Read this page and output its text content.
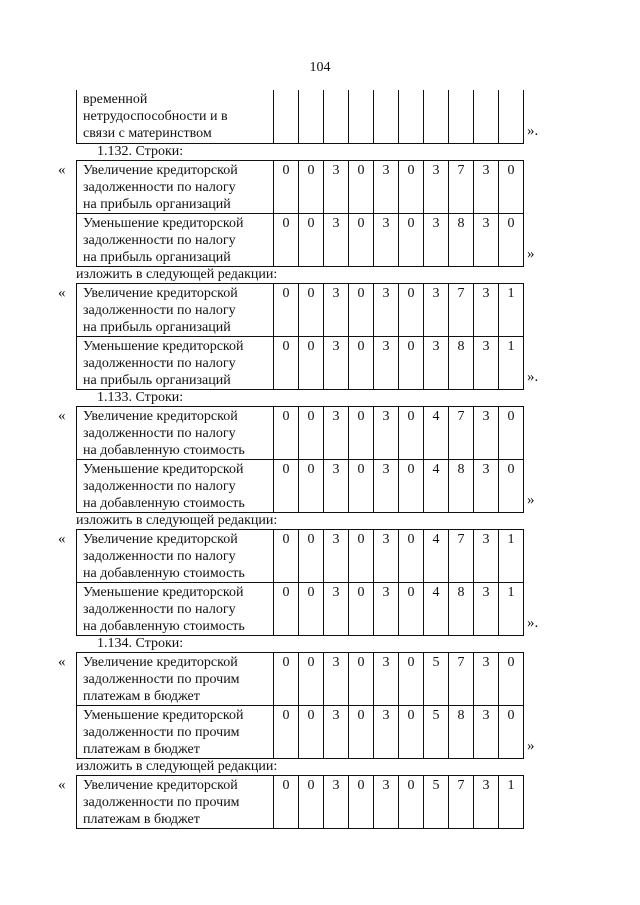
104
временной
нетрудоспособности и в
связи с материнством
											».
1.132. Строки:
« Увеличение кредиторской
задолженности по налогу
на прибыль организаций	0	0	3	0	3	0	3	7	3	0

Уменьшение кредиторской
задолженности по налогу
на прибыль организаций	0	0	3	0	3	0	3	8	3	0
»
изложить в следующей редакции:
« Увеличение кредиторской
задолженности по налогу
на прибыль организаций	0	0	3	0	3	0	3	7	3	1

Уменьшение кредиторской
задолженности по налогу
на прибыль организаций	0	0	3	0	3	0	3	8	3	1
».
1.133. Строки:
« Увеличение кредиторской
задолженности по налогу
на добавленную стоимость	0	0	3	0	3	0	4	7	3	0

Уменьшение кредиторской
задолженности по налогу
на добавленную стоимость	0	0	3	0	3	0	4	8	3	0
»
изложить в следующей редакции:
« Увеличение кредиторской
задолженности по налогу
на добавленную стоимость	0	0	3	0	3	0	4	7	3	1

Уменьшение кредиторской
задолженности по налогу
на добавленную стоимость	0	0	3	0	3	0	4	8	3	1
».
1.134. Строки:
« Увеличение кредиторской
задолженности по прочим
платежам в бюджет	0	0	3	0	3	0	5	7	3	0

Уменьшение кредиторской
задолженности по прочим
платежам в бюджет	0	0	3	0	3	0	5	8	3	0
»
изложить в следующей редакции:
« Увеличение кредиторской
задолженности по прочим
платежам в бюджет
	0	0	3	0	3	0	5	7	3	1
